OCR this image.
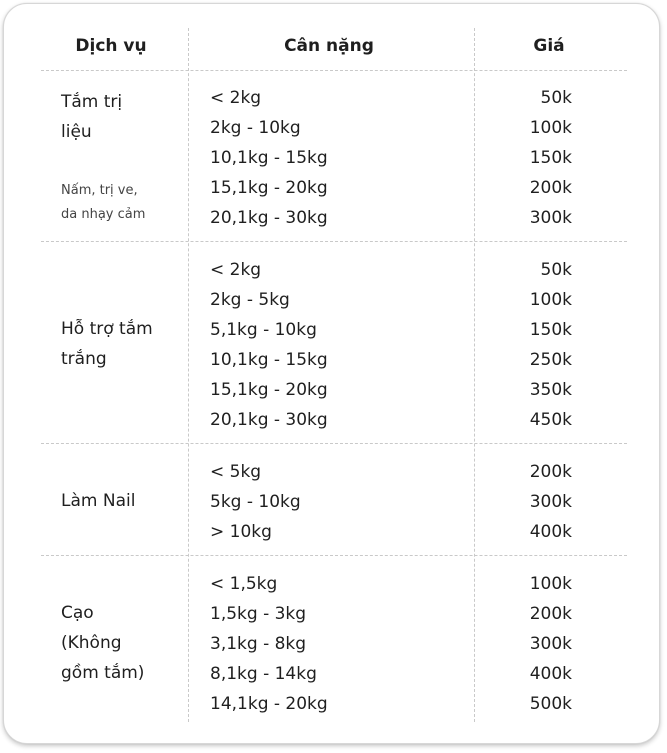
Dịch vụ	Cân nặng	Giá
Tắm trị
liệu
Nấm, trị ve,
da nhạy cảm
< 2kg
2kg - 10kg
10,1kg - 15kg
15,1kg - 20kg
20,1kg - 30kg
50k
100k
150k
200k
300k
Hỗ trợ tắm
trắng
< 2kg
2kg - 5kg
5,1kg - 10kg
10,1kg - 15kg
15,1kg - 20kg
20,1kg - 30kg
50k
100k
150k
250k
350k
450k
Làm Nail
< 5kg
5kg - 10kg
> 10kg
200k
300k
400k
Cạo
(Không
gồm tắm)
< 1,5kg
1,5kg - 3kg
3,1kg - 8kg
8,1kg - 14kg
14,1kg - 20kg
100k
200k
300k
400k
500k
